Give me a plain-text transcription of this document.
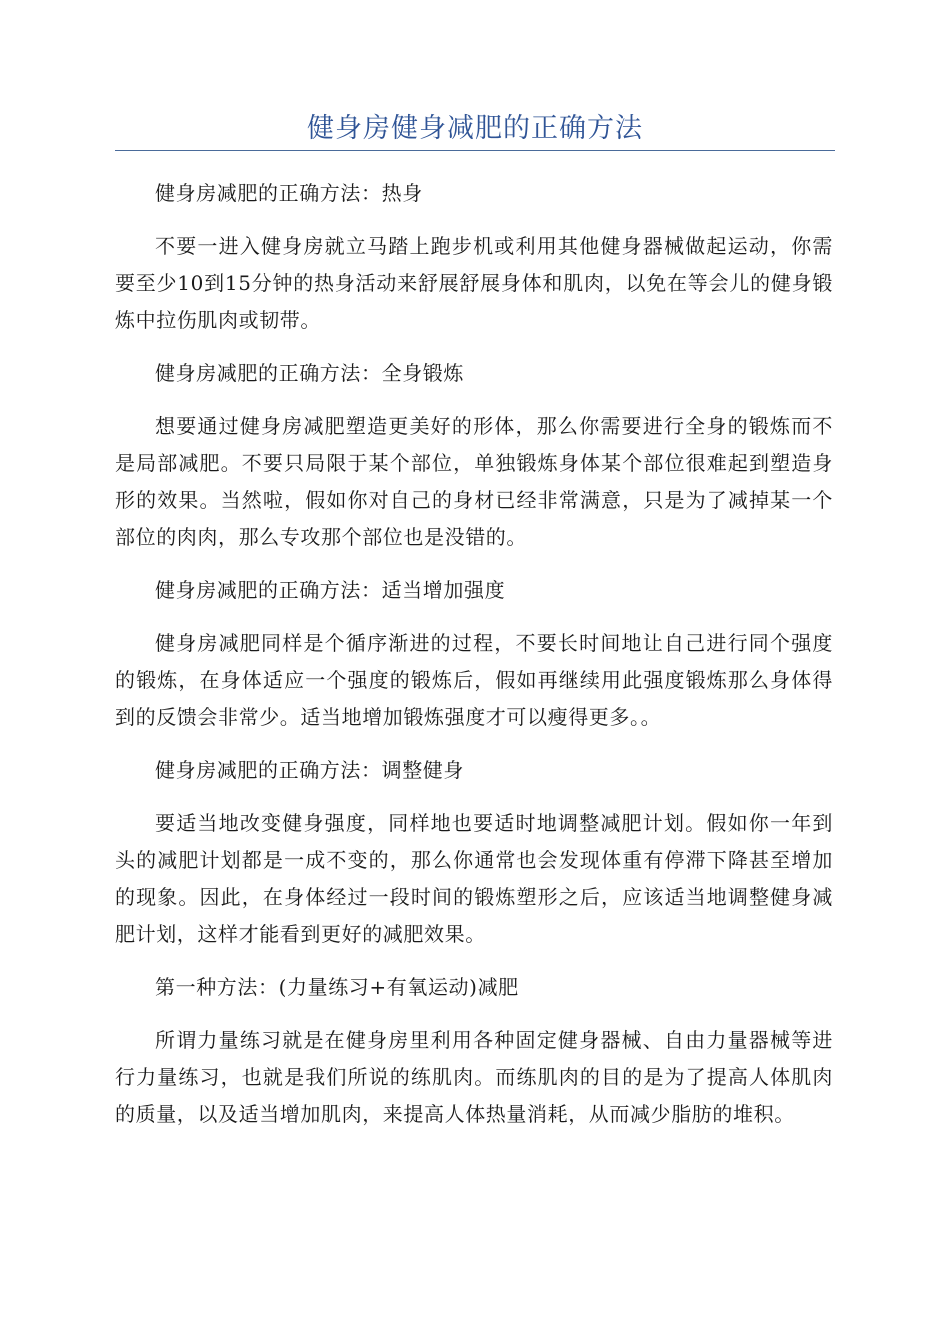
健身房健身减肥的正确方法

健身房减肥的正确方法：热身

不要一进入健身房就立马踏上跑步机或利用其他健身器械做起运动，你需要至少10到15分钟的热身活动来舒展舒展身体和肌肉，以免在等会儿的健身锻炼中拉伤肌肉或韧带。

健身房减肥的正确方法：全身锻炼

想要通过健身房减肥塑造更美好的形体，那么你需要进行全身的锻炼而不是局部减肥。不要只局限于某个部位，单独锻炼身体某个部位很难起到塑造身形的效果。当然啦，假如你对自己的身材已经非常满意，只是为了减掉某一个部位的肉肉，那么专攻那个部位也是没错的。

健身房减肥的正确方法：适当增加强度

健身房减肥同样是个循序渐进的过程，不要长时间地让自己进行同个强度的锻炼，在身体适应一个强度的锻炼后，假如再继续用此强度锻炼那么身体得到的反馈会非常少。适当地增加锻炼强度才可以瘦得更多。。

健身房减肥的正确方法：调整健身

要适当地改变健身强度，同样地也要适时地调整减肥计划。假如你一年到头的减肥计划都是一成不变的，那么你通常也会发现体重有停滞下降甚至增加的现象。因此，在身体经过一段时间的锻炼塑形之后，应该适当地调整健身减肥计划，这样才能看到更好的减肥效果。

第一种方法：(力量练习+有氧运动)减肥

所谓力量练习就是在健身房里利用各种固定健身器械、自由力量器械等进行力量练习，也就是我们所说的练肌肉。而练肌肉的目的是为了提高人体肌肉的质量，以及适当增加肌肉，来提高人体热量消耗，从而减少脂肪的堆积。
